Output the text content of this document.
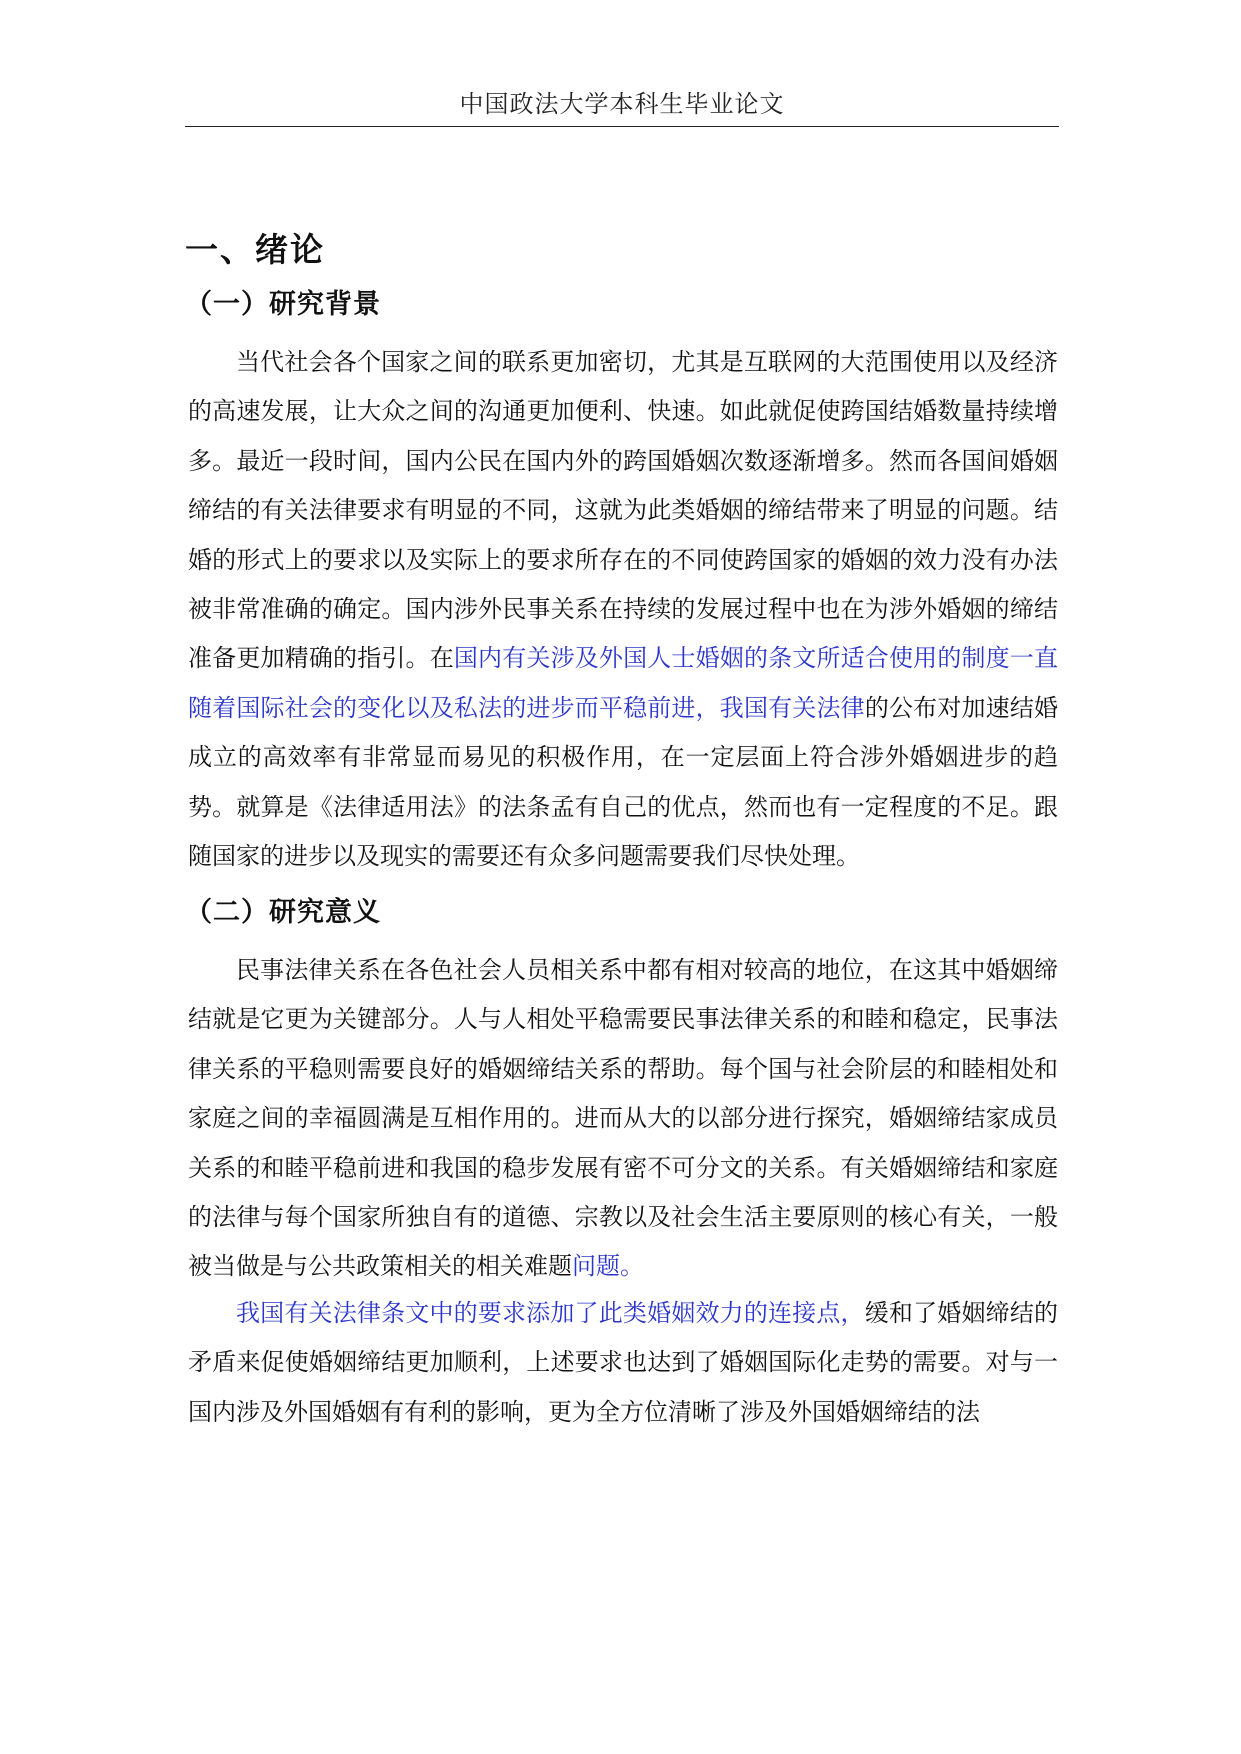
中国政法大学本科生毕业论文
一、绪论
（一）研究背景

当代社会各个国家之间的联系更加密切，尤其是互联网的大范围使用以及经济的高速发展，让大众之间的沟通更加便利、快速。如此就促使跨国结婚数量持续增多。最近一段时间，国内公民在国内外的跨国婚姻次数逐渐增多。然而各国间婚姻缔结的有关法律要求有明显的不同，这就为此类婚姻的缔结带来了明显的问题。结婚的形式上的要求以及实际上的要求所存在的不同使跨国家的婚姻的效力没有办法被非常准确的确定。国内涉外民事关系在持续的发展过程中也在为涉外婚姻的缔结准备更加精确的指引。在国内有关涉及外国人士婚姻的条文所适合使用的制度一直随着国际社会的变化以及私法的进步而平稳前进，我国有关法律的公布对加速结婚成立的高效率有非常显而易见的积极作用，在一定层面上符合涉外婚姻进步的趋势。就算是《法律适用法》的法条孟有自己的优点，然而也有一定程度的不足。跟随国家的进步以及现实的需要还有众多问题需要我们尽快处理。

（二）研究意义

民事法律关系在各色社会人员相关系中都有相对较高的地位，在这其中婚姻缔结就是它更为关键部分。人与人相处平稳需要民事法律关系的和睦和稳定，民事法律关系的平稳则需要良好的婚姻缔结关系的帮助。每个国与社会阶层的和睦相处和家庭之间的幸福圆满是互相作用的。进而从大的以部分进行探究，婚姻缔结家成员关系的和睦平稳前进和我国的稳步发展有密不可分文的关系。有关婚姻缔结和家庭的法律与每个国家所独自有的道德、宗教以及社会生活主要原则的核心有关，一般被当做是与公共政策相关的相关难题问题。

我国有关法律条文中的要求添加了此类婚姻效力的连接点，缓和了婚姻缔结的矛盾来促使婚姻缔结更加顺利，上述要求也达到了婚姻国际化走势的需要。对与一国内涉及外国婚姻有有利的影响，更为全方位清晰了涉及外国婚姻缔结的法
